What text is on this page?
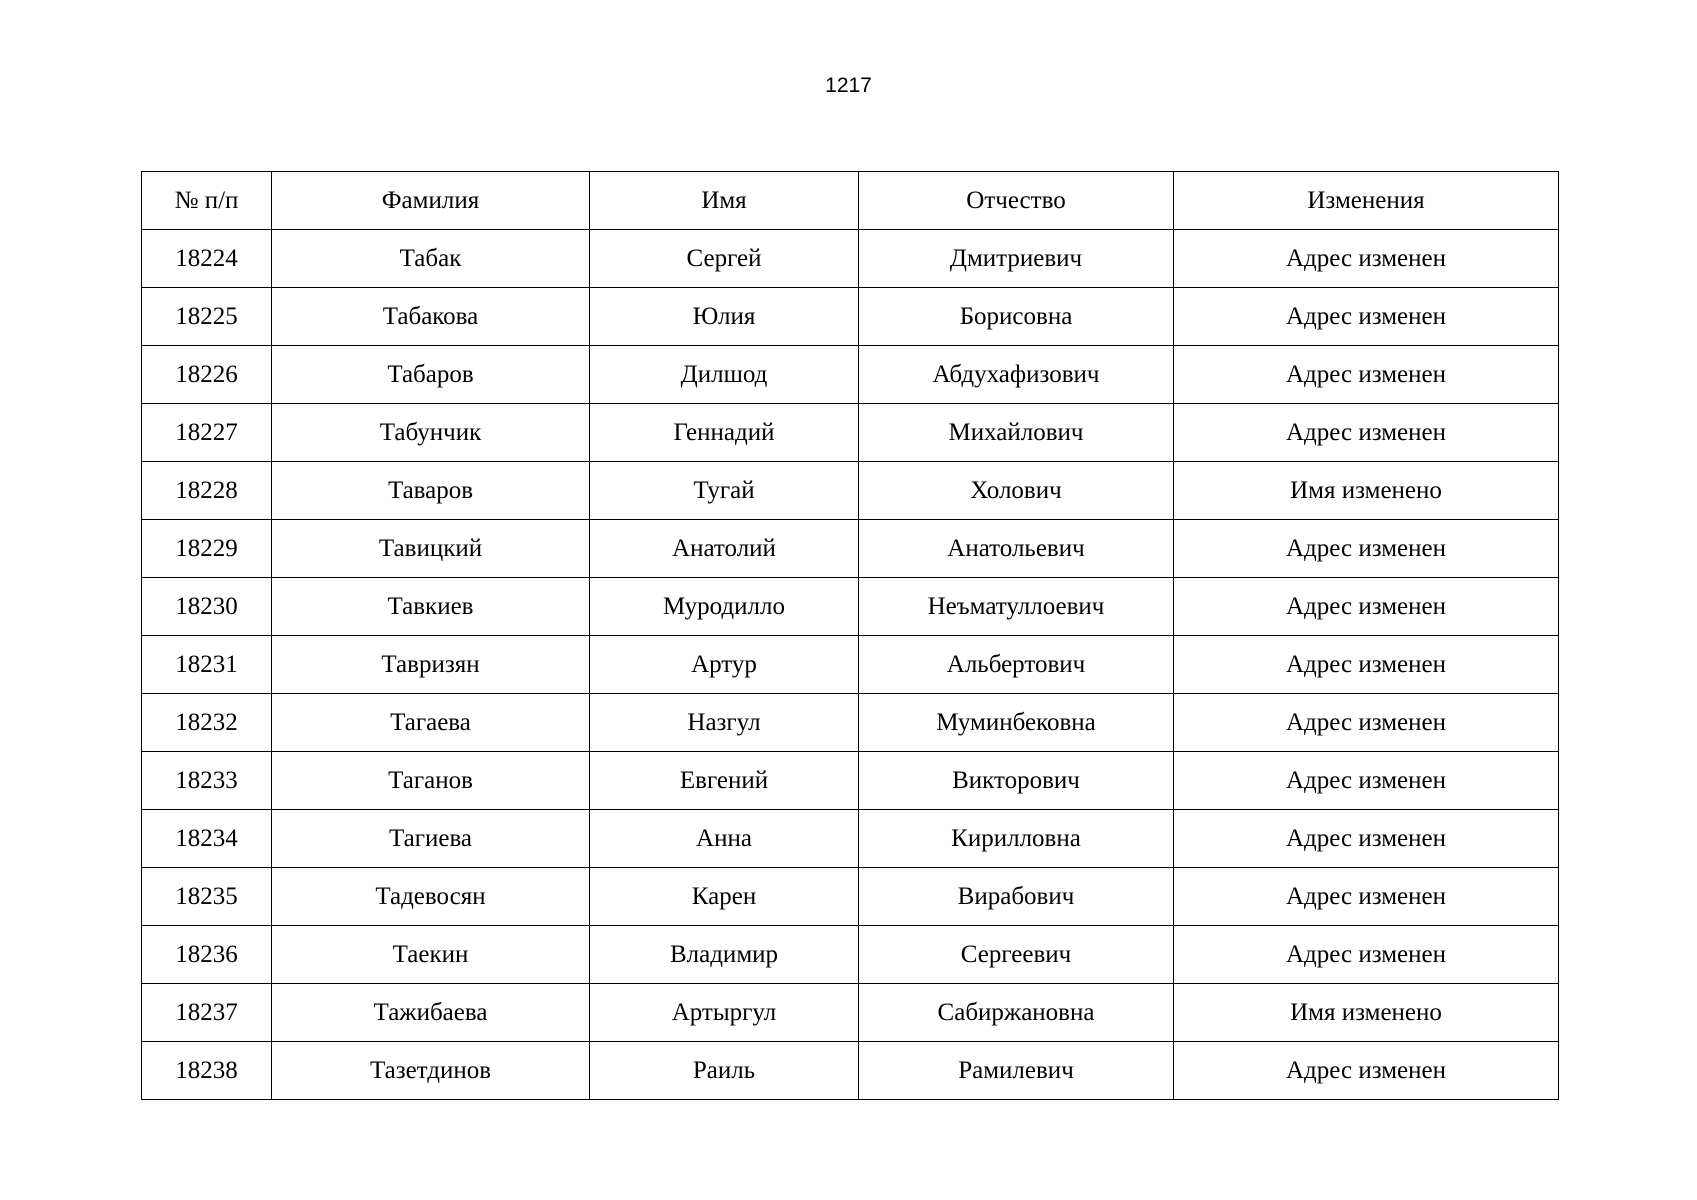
1217
№ п/п	Фамилия	Имя	Отчество	Изменения
18224	Табак	Сергей	Дмитриевич	Адрес изменен
18225	Табакова	Юлия	Борисовна	Адрес изменен
18226	Табаров	Дилшод	Абдухафизович	Адрес изменен
18227	Табунчик	Геннадий	Михайлович	Адрес изменен
18228	Таваров	Тугай	Холович	Имя изменено
18229	Тавицкий	Анатолий	Анатольевич	Адрес изменен
18230	Тавкиев	Муродилло	Неъматуллоевич	Адрес изменен
18231	Тавризян	Артур	Альбертович	Адрес изменен
18232	Тагаева	Назгул	Муминбековна	Адрес изменен
18233	Таганов	Евгений	Викторович	Адрес изменен
18234	Тагиева	Анна	Кирилловна	Адрес изменен
18235	Тадевосян	Карен	Вирабович	Адрес изменен
18236	Таекин	Владимир	Сергеевич	Адрес изменен
18237	Тажибаева	Артыргул	Сабиржановна	Имя изменено
18238	Тазетдинов	Раиль	Рамилевич	Адрес изменен
